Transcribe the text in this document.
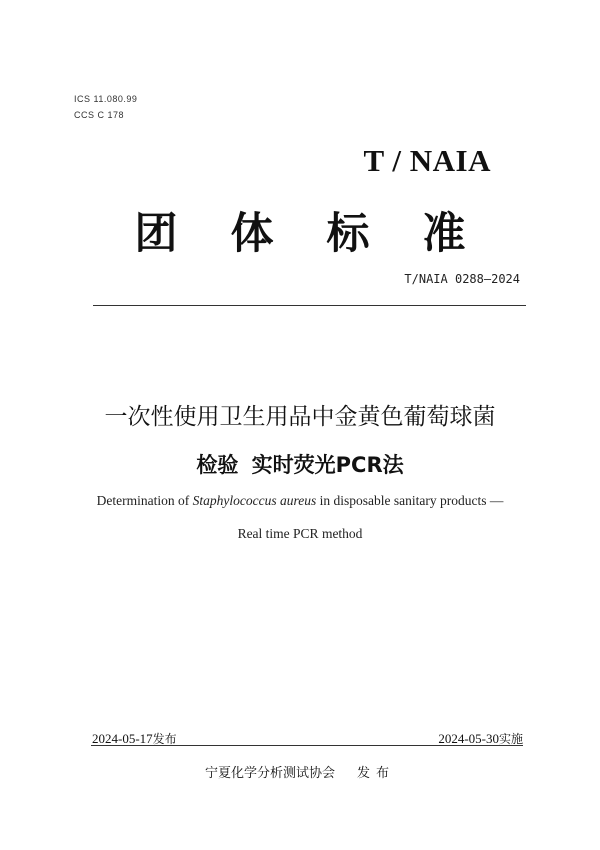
ICS 11.080.99

CCS C 178

T / NAIA
团	体	标	准

T/NAIA 0288—2024

一次性使用卫生用品中金黄色葡萄球菌
检验 实时荧光PCR法

Determination of Staphylococcus aureus in disposable sanitary products —

Real time PCR method

2024-05-17发布	2024-05-30实施

宁夏化学分析测试协会 发布
